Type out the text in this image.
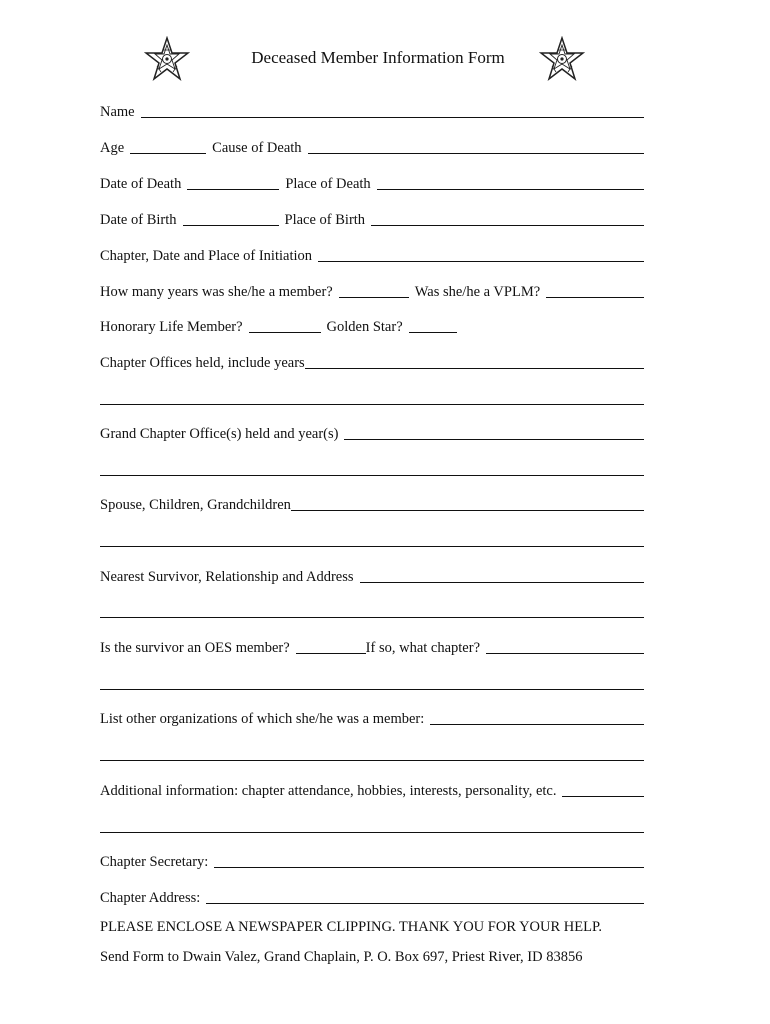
Deceased Member Information Form
Name
Age	Cause of Death
Date of Death	Place of Death
Date of Birth	Place of Birth
Chapter, Date and Place of Initiation
How many years was she/he a member?	Was she/he a VPLM?
Honorary Life Member?	Golden Star?
Chapter Offices held, include years
Grand Chapter Office(s) held and year(s)
Spouse, Children, Grandchildren
Nearest Survivor, Relationship and Address
Is the survivor an OES member?	If so, what chapter?
List other organizations of which she/he was a member:
Additional information: chapter attendance, hobbies, interests, personality, etc.
Chapter Secretary:
Chapter Address:
PLEASE ENCLOSE A NEWSPAPER CLIPPING. THANK YOU FOR YOUR HELP.
Send Form to Dwain Valez, Grand Chaplain, P. O. Box 697, Priest River, ID 83856
